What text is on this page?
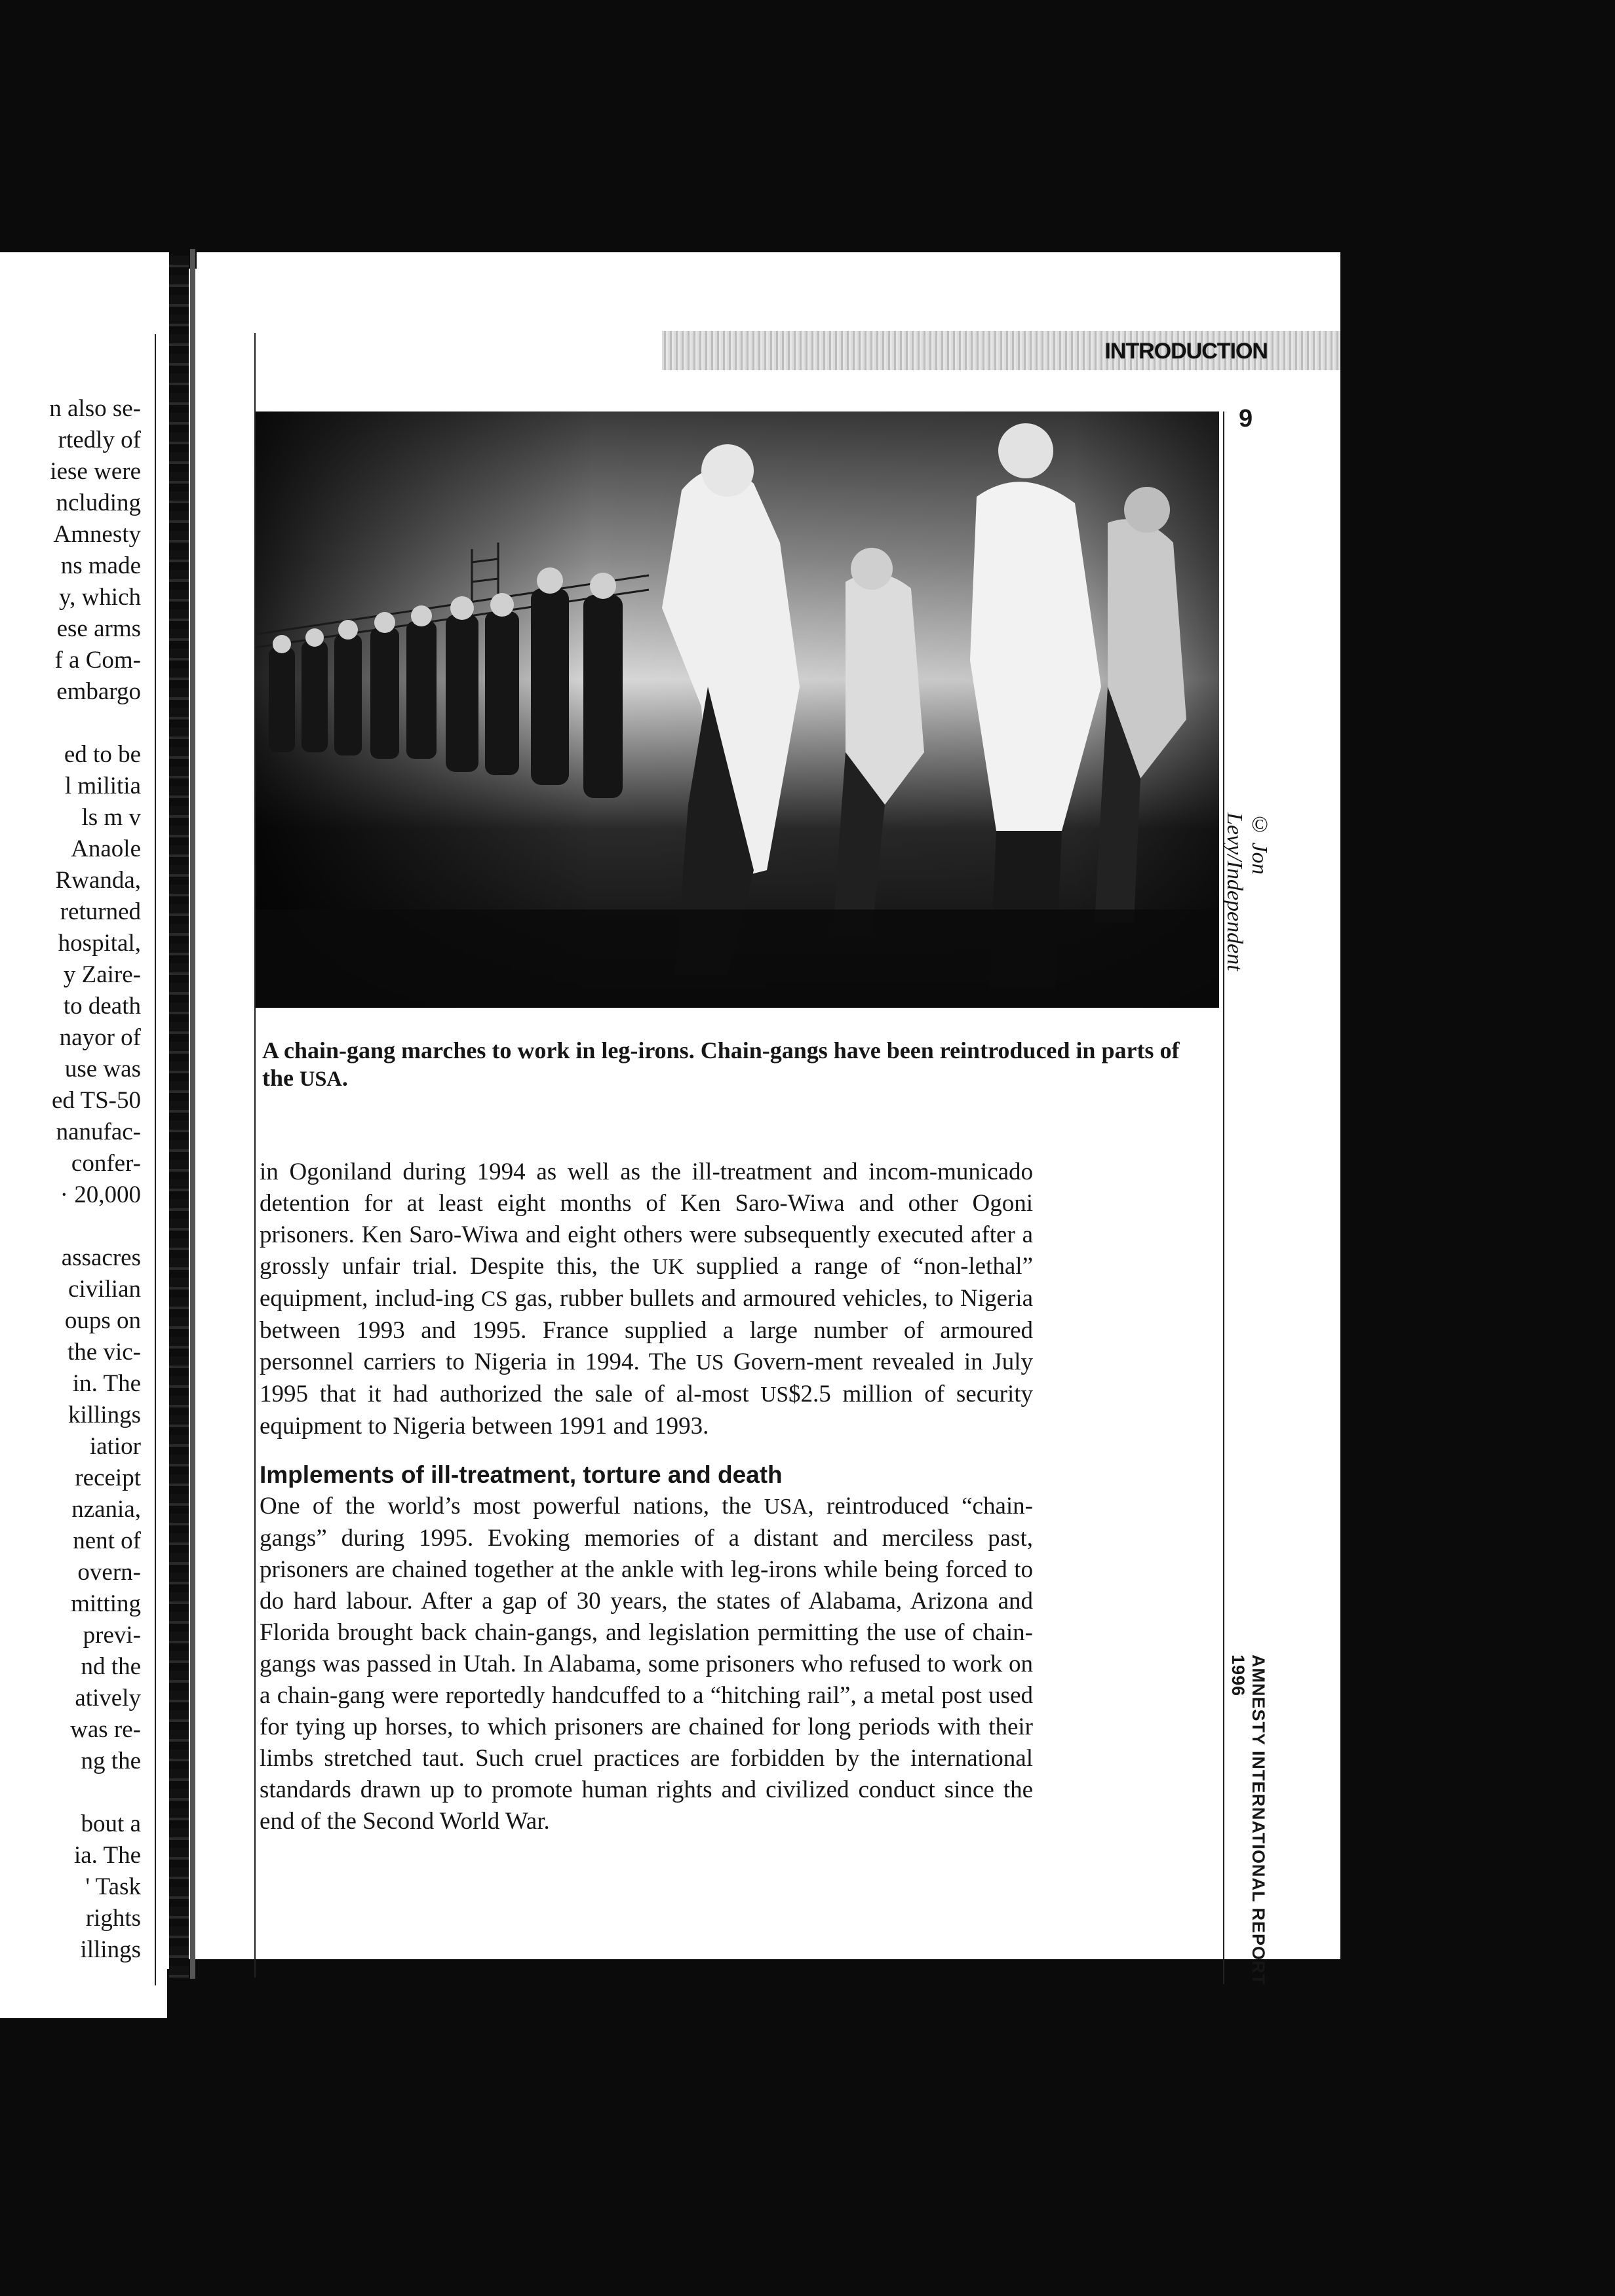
n also se-
rtedly of
iese were
ncluding
Amnesty
ns made
y, which
ese arms
f a Com-
embargo
ed to be
l militia
ls m v
Anaole
Rwanda,
returned
hospital,
y Zaire-
to death
nayor of
use was
ed TS-50
nanufac-
confer-
· 20,000
assacres
civilian
oups on
the vic-
in. The
killings
iatior
receipt
nzania,
nent of
overn-
mitting
previ-
nd the
atively
was re-
ng the
bout a
ia. The
' Task
rights
illings
INTRODUCTION
9
© Jon Levy/Independent
A chain-gang marches to work in leg-irons. Chain-gangs have been reintroduced in parts of the USA.

in Ogoniland during 1994 as well as the ill-treatment and incom-municado detention for at least eight months of Ken Saro-Wiwa and other Ogoni prisoners. Ken Saro-Wiwa and eight others were subsequently executed after a grossly unfair trial. Despite this, the UK supplied a range of “non-lethal” equipment, includ-ing CS gas, rubber bullets and armoured vehicles, to Nigeria between 1993 and 1995. France supplied a large number of armoured personnel carriers to Nigeria in 1994. The US Govern-ment revealed in July 1995 that it had authorized the sale of al-most US$2.5 million of security equipment to Nigeria between 1991 and 1993.

Implements of ill-treatment, torture and death

One of the world’s most powerful nations, the USA, reintroduced “chain-gangs” during 1995. Evoking memories of a distant and merciless past, prisoners are chained together at the ankle with leg-irons while being forced to do hard labour. After a gap of 30 years, the states of Alabama, Arizona and Florida brought back chain-gangs, and legislation permitting the use of chain-gangs was passed in Utah. In Alabama, some prisoners who refused to work on a chain-gang were reportedly handcuffed to a “hitching rail”, a metal post used for tying up horses, to which prisoners are chained for long periods with their limbs stretched taut. Such cruel practices are forbidden by the international standards drawn up to promote human rights and civilized conduct since the end of the Second World War.	AMNESTY INTERNATIONAL REPORT 1996
